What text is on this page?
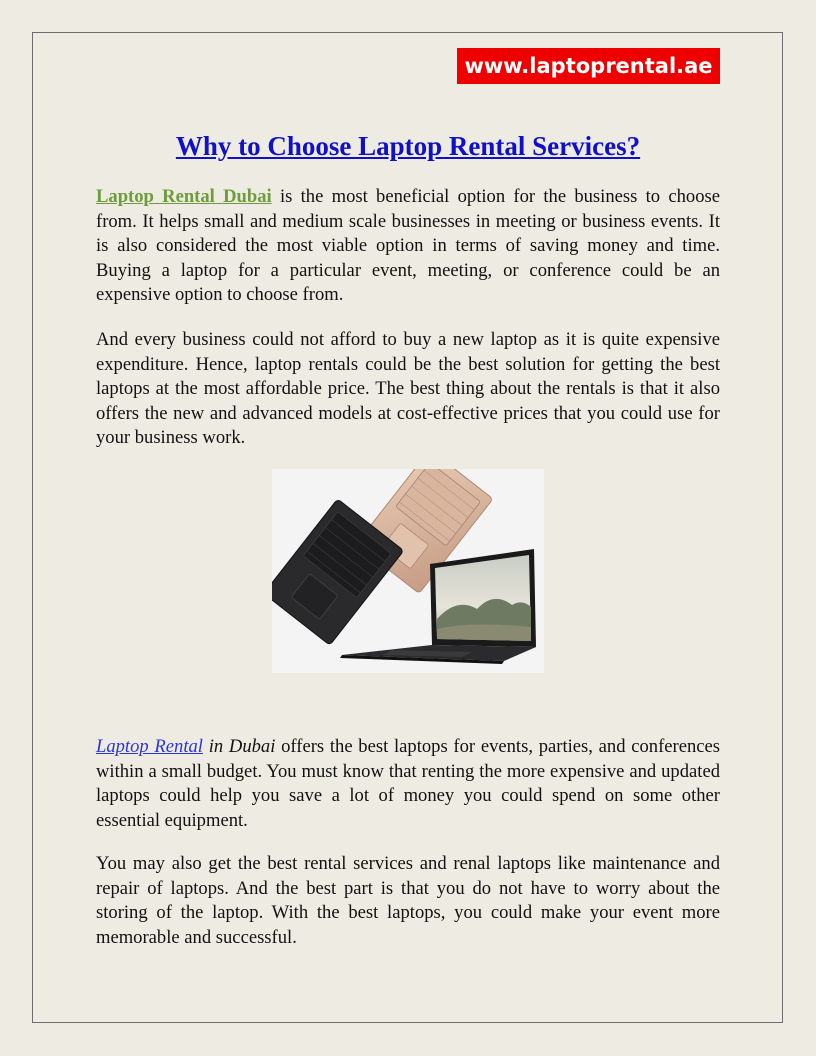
www.laptoprental.ae
Why to Choose Laptop Rental Services?

Laptop Rental Dubai is the most beneficial option for the business to choose from. It helps small and medium scale businesses in meeting or business events. It is also considered the most viable option in terms of saving money and time. Buying a laptop for a particular event, meeting, or conference could be an expensive option to choose from.

And every business could not afford to buy a new laptop as it is quite expensive expenditure. Hence, laptop rentals could be the best solution for getting the best laptops at the most affordable price. The best thing about the rentals is that it also offers the new and advanced models at cost-effective prices that you could use for your business work.

Laptop Rental in Dubai offers the best laptops for events, parties, and conferences within a small budget. You must know that renting the more expensive and updated laptops could help you save a lot of money you could spend on some other essential equipment.

You may also get the best rental services and renal laptops like maintenance and repair of laptops. And the best part is that you do not have to worry about the storing of the laptop. With the best laptops, you could make your event more memorable and successful.
